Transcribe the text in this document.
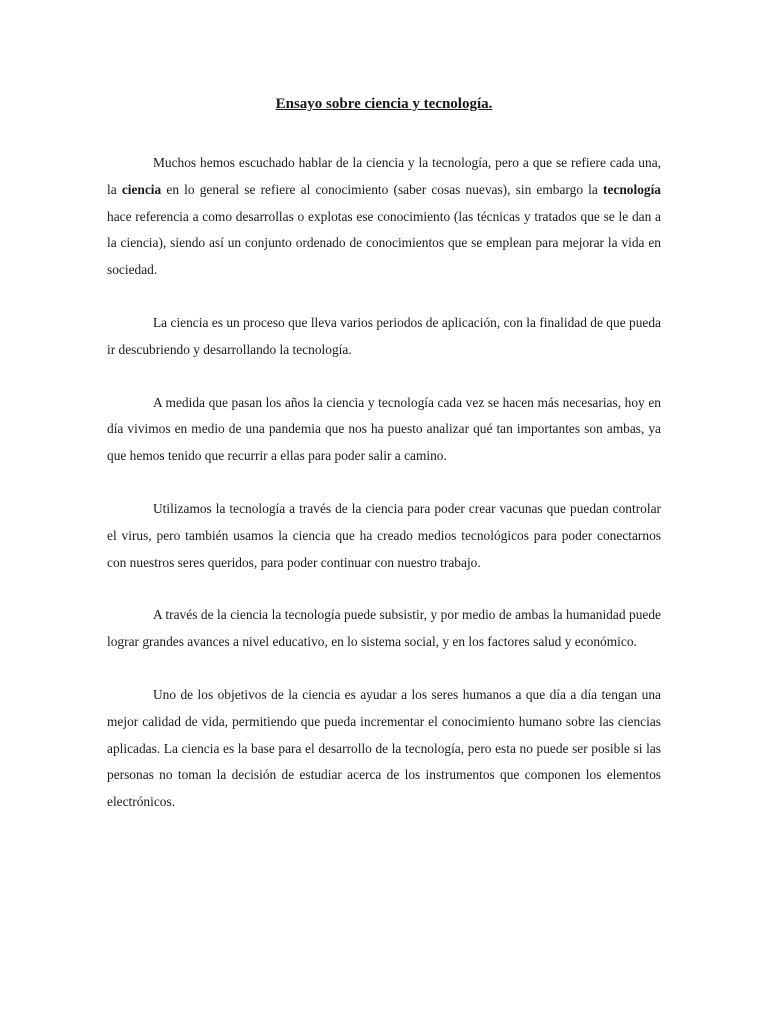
Ensayo sobre ciencia y tecnología.

Muchos hemos escuchado hablar de la ciencia y la tecnología, pero a que se refiere cada una, la ciencia en lo general se refiere al conocimiento (saber cosas nuevas), sin embargo la tecnología hace referencia a como desarrollas o explotas ese conocimiento (las técnicas y tratados que se le dan a la ciencia), siendo así un conjunto ordenado de conocimientos que se emplean para mejorar la vida en sociedad.

La ciencia es un proceso que lleva varios periodos de aplicación, con la finalidad de que pueda ir descubriendo y desarrollando la tecnología.

A medida que pasan los años la ciencia y tecnología cada vez se hacen más necesarias, hoy en día vivimos en medio de una pandemia que nos ha puesto analizar qué tan importantes son ambas, ya que hemos tenido que recurrir a ellas para poder salir a camino.

Utilizamos la tecnología a través de la ciencia para poder crear vacunas que puedan controlar el virus, pero también usamos la ciencia que ha creado medios tecnológicos para poder conectarnos con nuestros seres queridos, para poder continuar con nuestro trabajo.

A través de la ciencia la tecnología puede subsistir, y por medio de ambas la humanidad puede lograr grandes avances a nivel educativo, en lo sistema social, y en los factores salud y económico.

Uno de los objetivos de la ciencia es ayudar a los seres humanos a que día a día tengan una mejor calidad de vida, permitiendo que pueda incrementar el conocimiento humano sobre las ciencias aplicadas. La ciencia es la base para el desarrollo de la tecnología, pero esta no puede ser posible si las personas no toman la decisión de estudiar acerca de los instrumentos que componen los elementos electrónicos.
